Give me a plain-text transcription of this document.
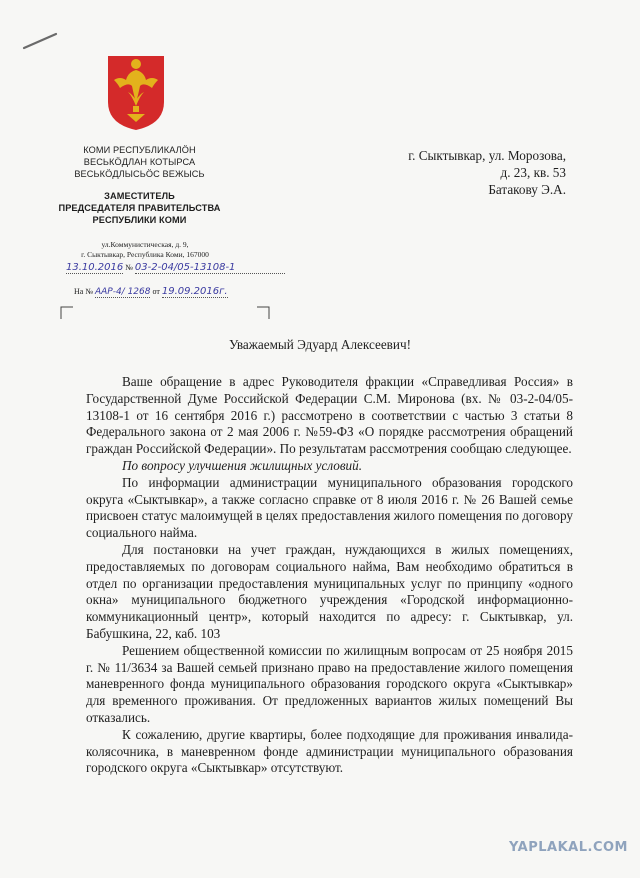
КОМИ РЕСПУБЛИКАЛÖН
ВЕСЬКÖДЛАН КОТЫРСА
ВЕСЬКÖДЛЫСЬÖС ВЕЖЫСЬ
ЗАМЕСТИТЕЛЬ
ПРЕДСЕДАТЕЛЯ ПРАВИТЕЛЬСТВА
РЕСПУБЛИКИ КОМИ
ул.Коммунистическая, д. 9,
г. Сыктывкар, Республика Коми, 167000
13.10.2016 № 03-2-04/05-13108-1
На № ААР-4/ 1268 от 19.09.2016г.
г. Сыктывкар, ул. Морозова,
д. 23, кв. 53
Батакову Э.А.
Уважаемый Эдуард Алексеевич!

Ваше обращение в адрес Руководителя фракции «Справедливая Россия» в Государственной Думе Российской Федерации С.М. Миронова (вх. № 03-2-04/05-13108-1 от 16 сентября 2016 г.) рассмотрено в соответствии с частью 3 статьи 8 Федерального закона от 2 мая 2006 г. №59-ФЗ «О порядке рассмотрения обращений граждан Российской Федерации». По результатам рассмотрения сообщаю следующее.

По вопросу улучшения жилищных условий.

По информации администрации муниципального образования городского округа «Сыктывкар», а также согласно справке от 8 июля 2016 г. № 26 Вашей семье присвоен статус малоимущей в целях предоставления жилого помещения по договору социального найма.

Для постановки на учет граждан, нуждающихся в жилых помещениях, предоставляемых по договорам социального найма, Вам необходимо обратиться в отдел по организации предоставления муниципальных услуг по принципу «одного окна» муниципального бюджетного учреждения «Городской информационно-коммуникационный центр», который находится по адресу: г. Сыктывкар, ул. Бабушкина, 22, каб. 103

Решением общественной комиссии по жилищным вопросам от 25 ноября 2015 г. № 11/3634 за Вашей семьей признано право на предоставление жилого помещения маневренного фонда муниципального образования городского округа «Сыктывкар» для временного проживания. От предложенных вариантов жилых помещений Вы отказались.

К сожалению, другие квартиры, более подходящие для проживания инвалида-колясочника, в маневренном фонде администрации муниципального образования городского округа «Сыктывкар» отсутствуют.

YAPLAKAL.COM
